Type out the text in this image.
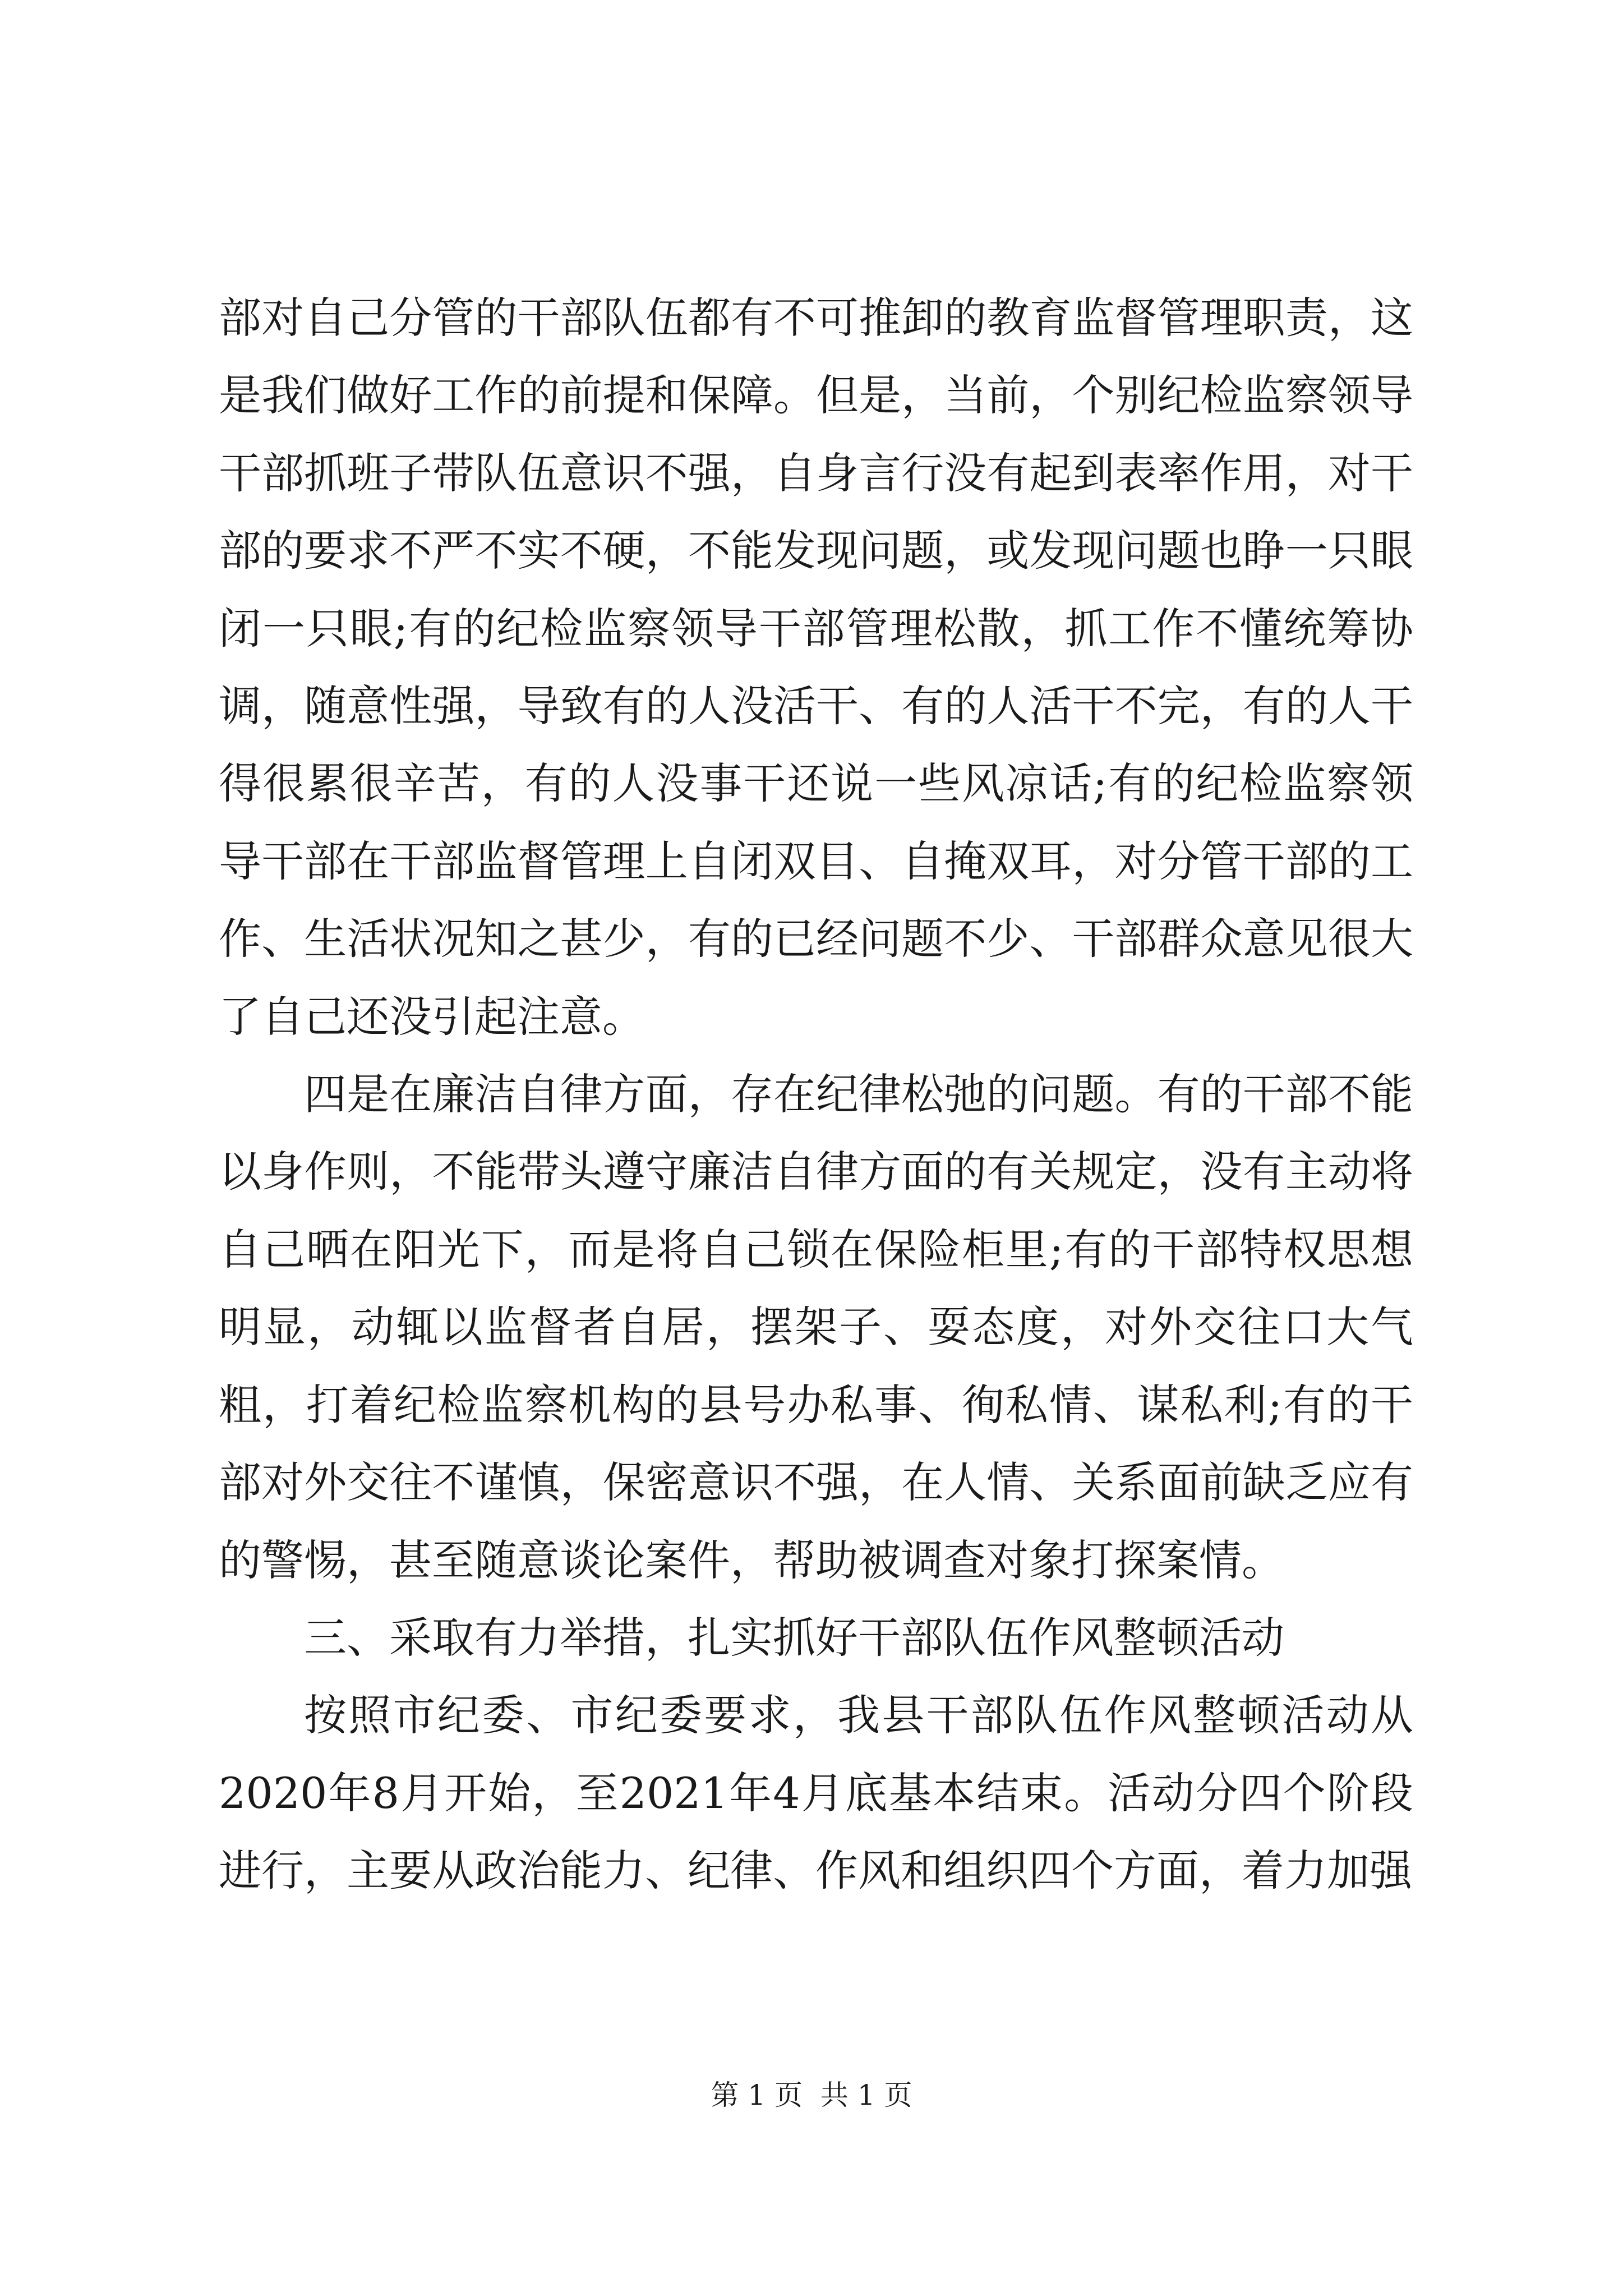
部对自己分管的干部队伍都有不可推卸的教育监督管理职责，这是我们做好工作的前提和保障。但是，当前，个别纪检监察领导干部抓班子带队伍意识不强，自身言行没有起到表率作用，对干部的要求不严不实不硬，不能发现问题，或发现问题也睁一只眼闭一只眼;有的纪检监察领导干部管理松散，抓工作不懂统筹协调，随意性强，导致有的人没活干、有的人活干不完，有的人干得很累很辛苦，有的人没事干还说一些风凉话;有的纪检监察领导干部在干部监督管理上自闭双目、自掩双耳，对分管干部的工作、生活状况知之甚少，有的已经问题不少、干部群众意见很大了自己还没引起注意。

四是在廉洁自律方面，存在纪律松弛的问题。有的干部不能以身作则，不能带头遵守廉洁自律方面的有关规定，没有主动将自己晒在阳光下，而是将自己锁在保险柜里;有的干部特权思想明显，动辄以监督者自居，摆架子、耍态度，对外交往口大气粗，打着纪检监察机构的县号办私事、徇私情、谋私利;有的干部对外交往不谨慎，保密意识不强，在人情、关系面前缺乏应有的警惕，甚至随意谈论案件，帮助被调查对象打探案情。

三、采取有力举措，扎实抓好干部队伍作风整顿活动

按照市纪委、市纪委要求，我县干部队伍作风整顿活动从2020年8月开始，至2021年4月底基本结束。活动分四个阶段进行，主要从政治能力、纪律、作风和组织四个方面，着力加强

第 1 页  共 1 页
